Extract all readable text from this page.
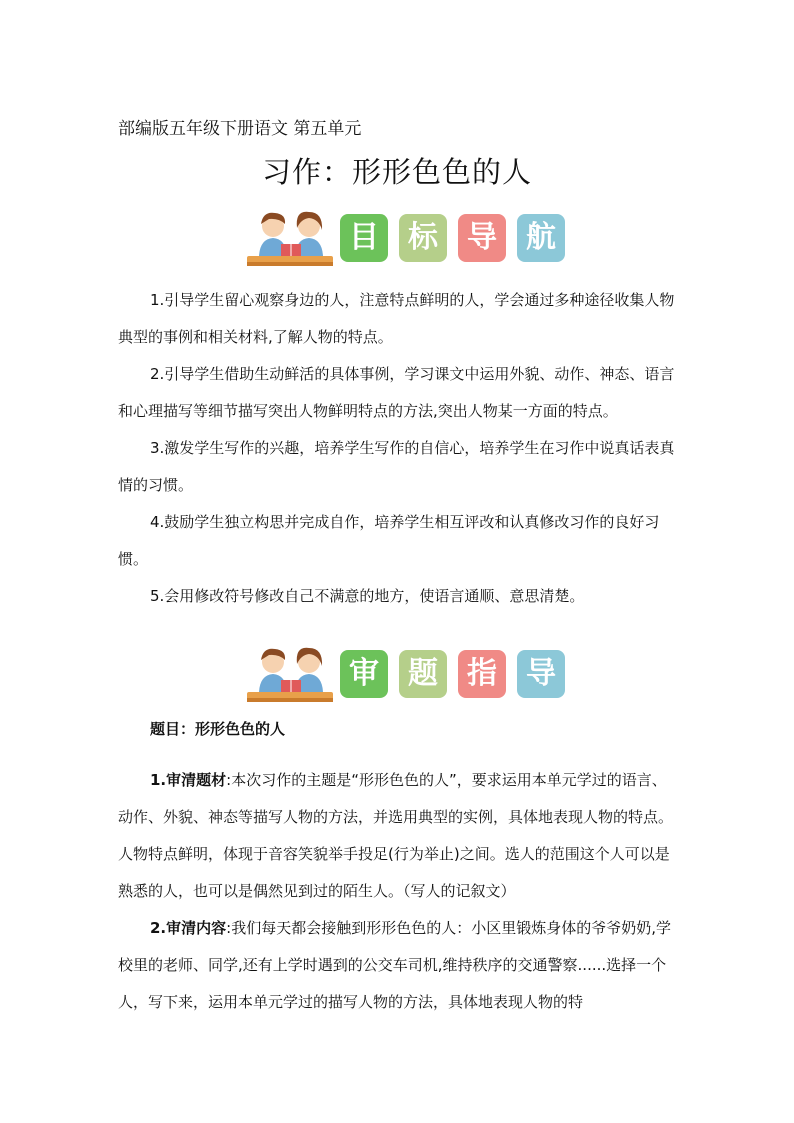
部编版五年级下册语文 第五单元
习作：形形色色的人
目 标 导 航

1.引导学生留心观察身边的人，注意特点鲜明的人，学会通过多种途径收集人物典型的事例和相关材料,了解人物的特点。

2.引导学生借助生动鲜活的具体事例，学习课文中运用外貌、动作、神态、语言和心理描写等细节描写突出人物鲜明特点的方法,突出人物某一方面的特点。

3.激发学生写作的兴趣，培养学生写作的自信心，培养学生在习作中说真话表真情的习惯。

4.鼓励学生独立构思并完成自作，培养学生相互评改和认真修改习作的良好习惯。

5.会用修改符号修改自己不满意的地方，使语言通顺、意思清楚。

审 题 指 导
题目：形形色色的人

1.审清题材:本次习作的主题是“形形色色的人”，要求运用本单元学过的语言、动作、外貌、神态等描写人物的方法，并选用典型的实例，具体地表现人物的特点。人物特点鲜明，体现于音容笑貌举手投足(行为举止)之间。选人的范围这个人可以是熟悉的人，也可以是偶然见到过的陌生人。（写人的记叙文）

2.审清内容:我们每天都会接触到形形色色的人：小区里锻炼身体的爷爷奶奶,学校里的老师、同学,还有上学时遇到的公交车司机,维持秩序的交通警察......选择一个人，写下来，运用本单元学过的描写人物的方法，具体地表现人物的特
